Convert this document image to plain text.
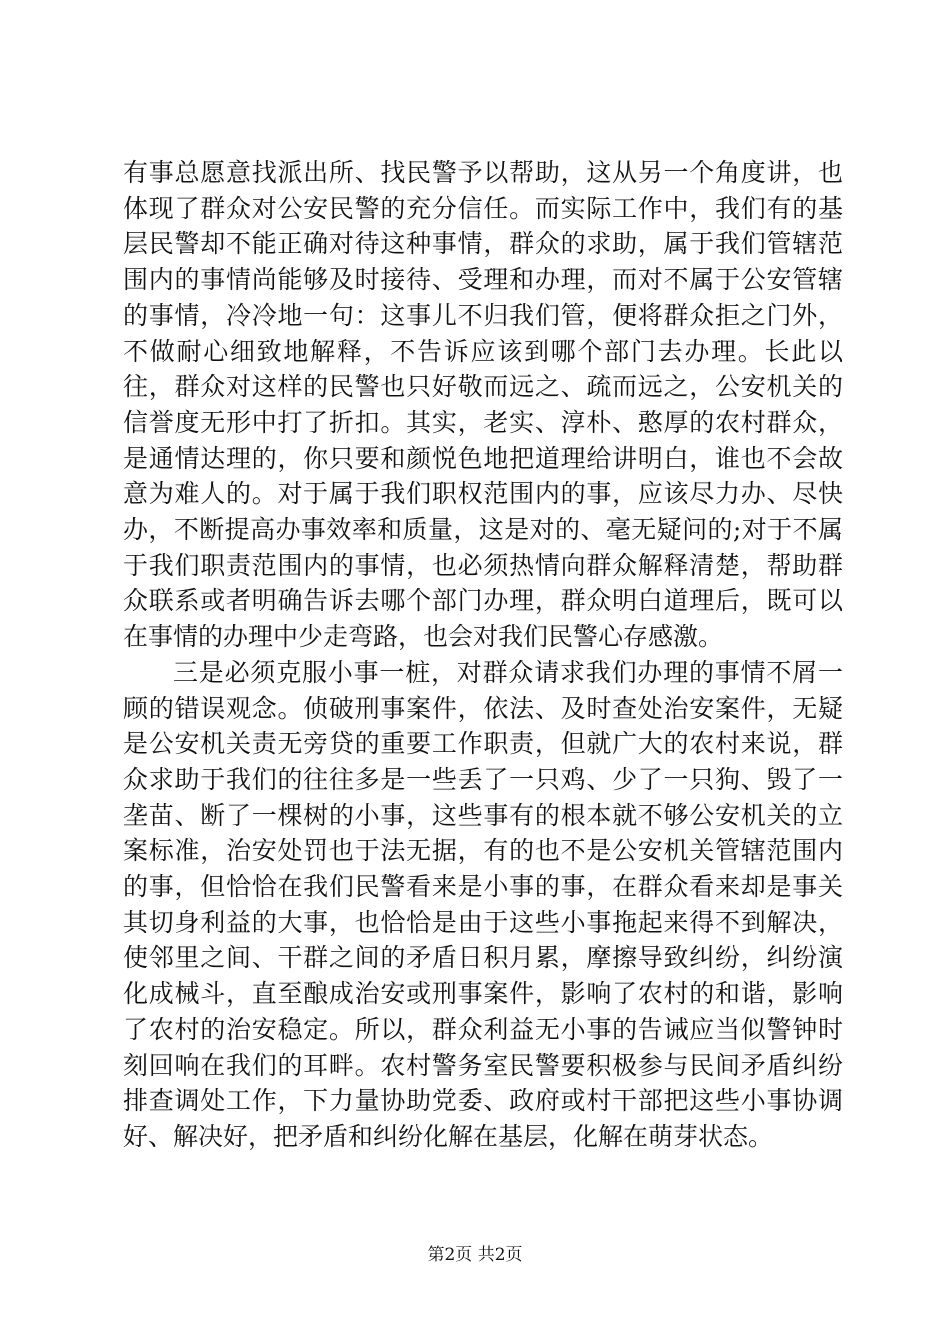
有事总愿意找派出所、找民警予以帮助，这从另一个角度讲，也体现了群众对公安民警的充分信任。而实际工作中，我们有的基层民警却不能正确对待这种事情，群众的求助，属于我们管辖范围内的事情尚能够及时接待、受理和办理，而对不属于公安管辖的事情，冷冷地一句：这事儿不归我们管，便将群众拒之门外，不做耐心细致地解释，不告诉应该到哪个部门去办理。长此以往，群众对这样的民警也只好敬而远之、疏而远之，公安机关的信誉度无形中打了折扣。其实，老实、淳朴、憨厚的农村群众，是通情达理的，你只要和颜悦色地把道理给讲明白，谁也不会故意为难人的。对于属于我们职权范围内的事，应该尽力办、尽快办，不断提高办事效率和质量，这是对的、毫无疑问的;对于不属于我们职责范围内的事情，也必须热情向群众解释清楚，帮助群众联系或者明确告诉去哪个部门办理，群众明白道理后，既可以在事情的办理中少走弯路，也会对我们民警心存感激。

三是必须克服小事一桩，对群众请求我们办理的事情不屑一顾的错误观念。侦破刑事案件，依法、及时查处治安案件，无疑是公安机关责无旁贷的重要工作职责，但就广大的农村来说，群众求助于我们的往往多是一些丢了一只鸡、少了一只狗、毁了一垄苗、断了一棵树的小事，这些事有的根本就不够公安机关的立案标准，治安处罚也于法无据，有的也不是公安机关管辖范围内的事，但恰恰在我们民警看来是小事的事，在群众看来却是事关其切身利益的大事，也恰恰是由于这些小事拖起来得不到解决，使邻里之间、干群之间的矛盾日积月累，摩擦导致纠纷，纠纷演化成械斗，直至酿成治安或刑事案件，影响了农村的和谐，影响了农村的治安稳定。所以，群众利益无小事的告诫应当似警钟时刻回响在我们的耳畔。农村警务室民警要积极参与民间矛盾纠纷排查调处工作，下力量协助党委、政府或村干部把这些小事协调好、解决好，把矛盾和纠纷化解在基层，化解在萌芽状态。

第2页 共2页
